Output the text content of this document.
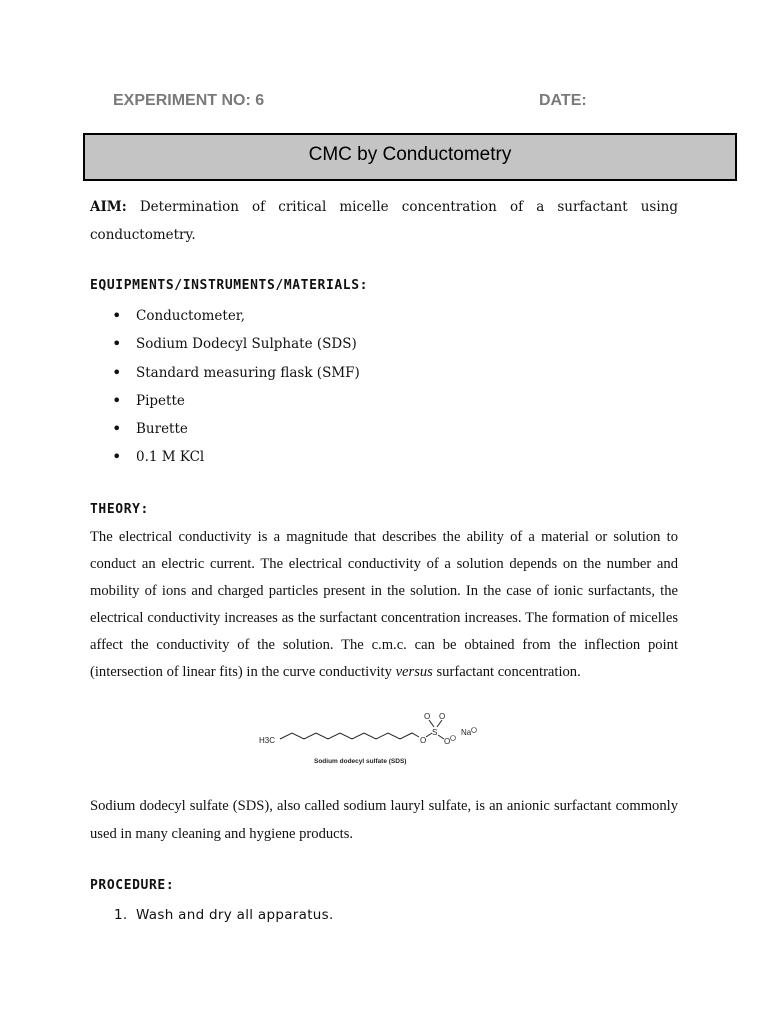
EXPERIMENT NO: 6	DATE:
CMC by Conductometry
AIM: Determination of critical micelle concentration of a surfactant using conductometry.
EQUIPMENTS/INSTRUMENTS/MATERIALS:
• Conductometer,
• Sodium Dodecyl Sulphate (SDS)
• Standard measuring flask (SMF)
• Pipette
• Burette
• 0.1 M KCl
THEORY:

The electrical conductivity is a magnitude that describes the ability of a material or solution to conduct an electric current. The electrical conductivity of a solution depends on the number and mobility of ions and charged particles present in the solution. In the case of ionic surfactants, the electrical conductivity increases as the surfactant concentration increases. The formation of micelles affect the conductivity of the solution. The c.m.c. can be obtained from the inflection point (intersection of linear fits) in the curve conductivity versus surfactant concentration.

H3C	O
S
O O
O
Na
Sodium dodecyl sulfate (SDS)

Sodium dodecyl sulfate (SDS), also called sodium lauryl sulfate, is an anionic surfactant commonly used in many cleaning and hygiene products.

PROCEDURE:
1. Wash and dry all apparatus.
